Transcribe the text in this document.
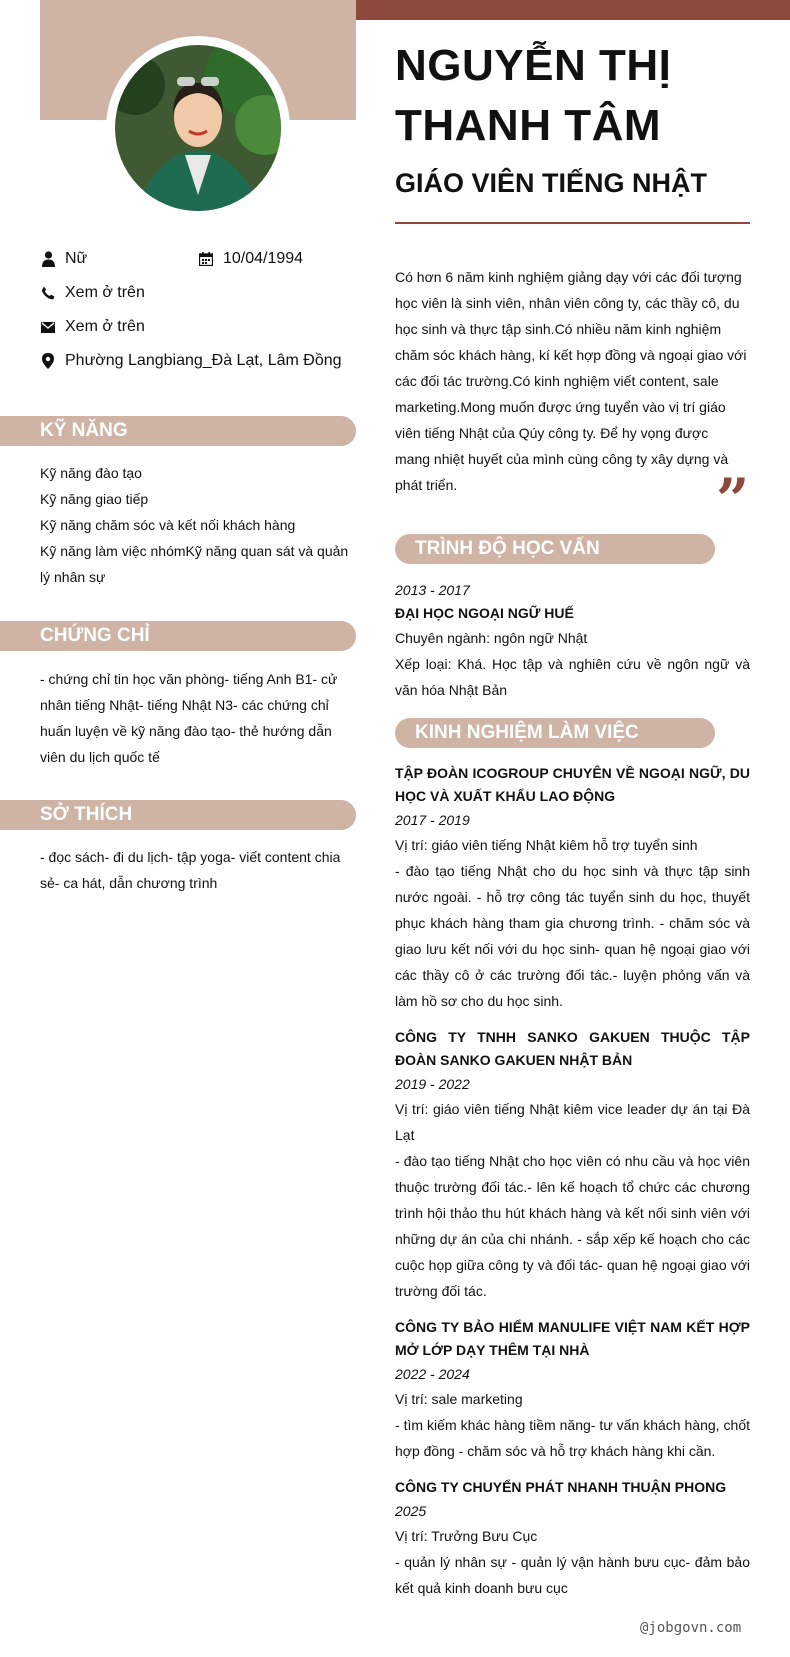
NGUYỄN THỊ
THANH TÂM
GIÁO VIÊN TIẾNG NHẬT
Nữ	10/04/1994
Xem ở trên
Xem ở trên
Phường Langbiang_Đà Lạt, Lâm Đồng
KỸ NĂNG
Kỹ năng đào tạo
Kỹ năng giao tiếp
Kỹ năng chăm sóc và kết nối khách hàng
Kỹ năng làm việc nhómKỹ năng quan sát và quản lý nhân sự
CHỨNG CHỈ
- chứng chỉ tin học văn phòng- tiếng Anh B1- cử nhân tiếng Nhật- tiếng Nhật N3- các chứng chỉ huấn luyện về kỹ năng đào tạo- thẻ hướng dẫn viên du lịch quốc tế
SỞ THÍCH
- đọc sách- đi du lịch- tập yoga- viết content chia sẻ- ca hát, dẫn chương trình
Có hơn 6 năm kinh nghiệm giảng dạy với các đối tượng học viên là sinh viên, nhân viên công ty, các thầy cô, du học sinh và thực tập sinh.Có nhiều năm kinh nghiệm chăm sóc khách hàng, kí kết hợp đồng và ngoại giao với các đối tác trường.Có kinh nghiệm viết content, sale marketing.Mong muốn được ứng tuyển vào vị trí giáo viên tiếng Nhật của Qúy công ty. Để hy vọng được mang nhiệt huyết của mình cùng công ty xây dựng và phát triển.	”
TRÌNH ĐỘ HỌC VẤN
2013 - 2017
ĐẠI HỌC NGOẠI NGỮ HUẾ
Chuyên ngành: ngôn ngữ Nhật
Xếp loại: Khá. Học tập và nghiên cứu về ngôn ngữ và văn hóa Nhật Bản
KINH NGHIỆM LÀM VIỆC
TẬP ĐOÀN ICOGROUP CHUYÊN VỀ NGOẠI NGỮ, DU HỌC VÀ XUẤT KHẨU LAO ĐỘNG
2017 - 2019
Vị trí: giáo viên tiếng Nhật kiêm hỗ trợ tuyển sinh
- đào tạo tiếng Nhật cho du học sinh và thực tập sinh nước ngoài. - hỗ trợ công tác tuyển sinh du học, thuyết phục khách hàng tham gia chương trình. - chăm sóc và giao lưu kết nối với du học sinh- quan hệ ngoại giao với các thầy cô ở các trường đối tác.- luyện phỏng vấn và làm hồ sơ cho du học sinh.
CÔNG TY TNHH SANKO GAKUEN THUỘC TẬP ĐOÀN SANKO GAKUEN NHẬT BẢN
2019 - 2022
Vị trí: giáo viên tiếng Nhật kiêm vice leader dự án tại Đà Lạt
- đào tạo tiếng Nhật cho học viên có nhu cầu và học viên thuộc trường đối tác.- lên kế hoạch tổ chức các chương trình hội thảo thu hút khách hàng và kết nối sinh viên với những dự án của chi nhánh. - sắp xếp kế hoạch cho các cuộc họp giữa công ty và đối tác- quan hệ ngoại giao với trường đối tác.
CÔNG TY BẢO HIỂM MANULIFE VIỆT NAM KẾT HỢP MỞ LỚP DẠY THÊM TẠI NHÀ
2022 - 2024
Vị trí: sale marketing
- tìm kiếm khác hàng tiềm năng- tư vấn khách hàng, chốt hợp đồng - chăm sóc và hỗ trợ khách hàng khi cần.
CÔNG TY CHUYỂN PHÁT NHANH THUẬN PHONG
2025
Vị trí: Trưởng Bưu Cục
- quản lý nhân sự - quản lý vận hành bưu cục- đảm bảo kết quả kinh doanh bưu cục
@jobgovn.com
